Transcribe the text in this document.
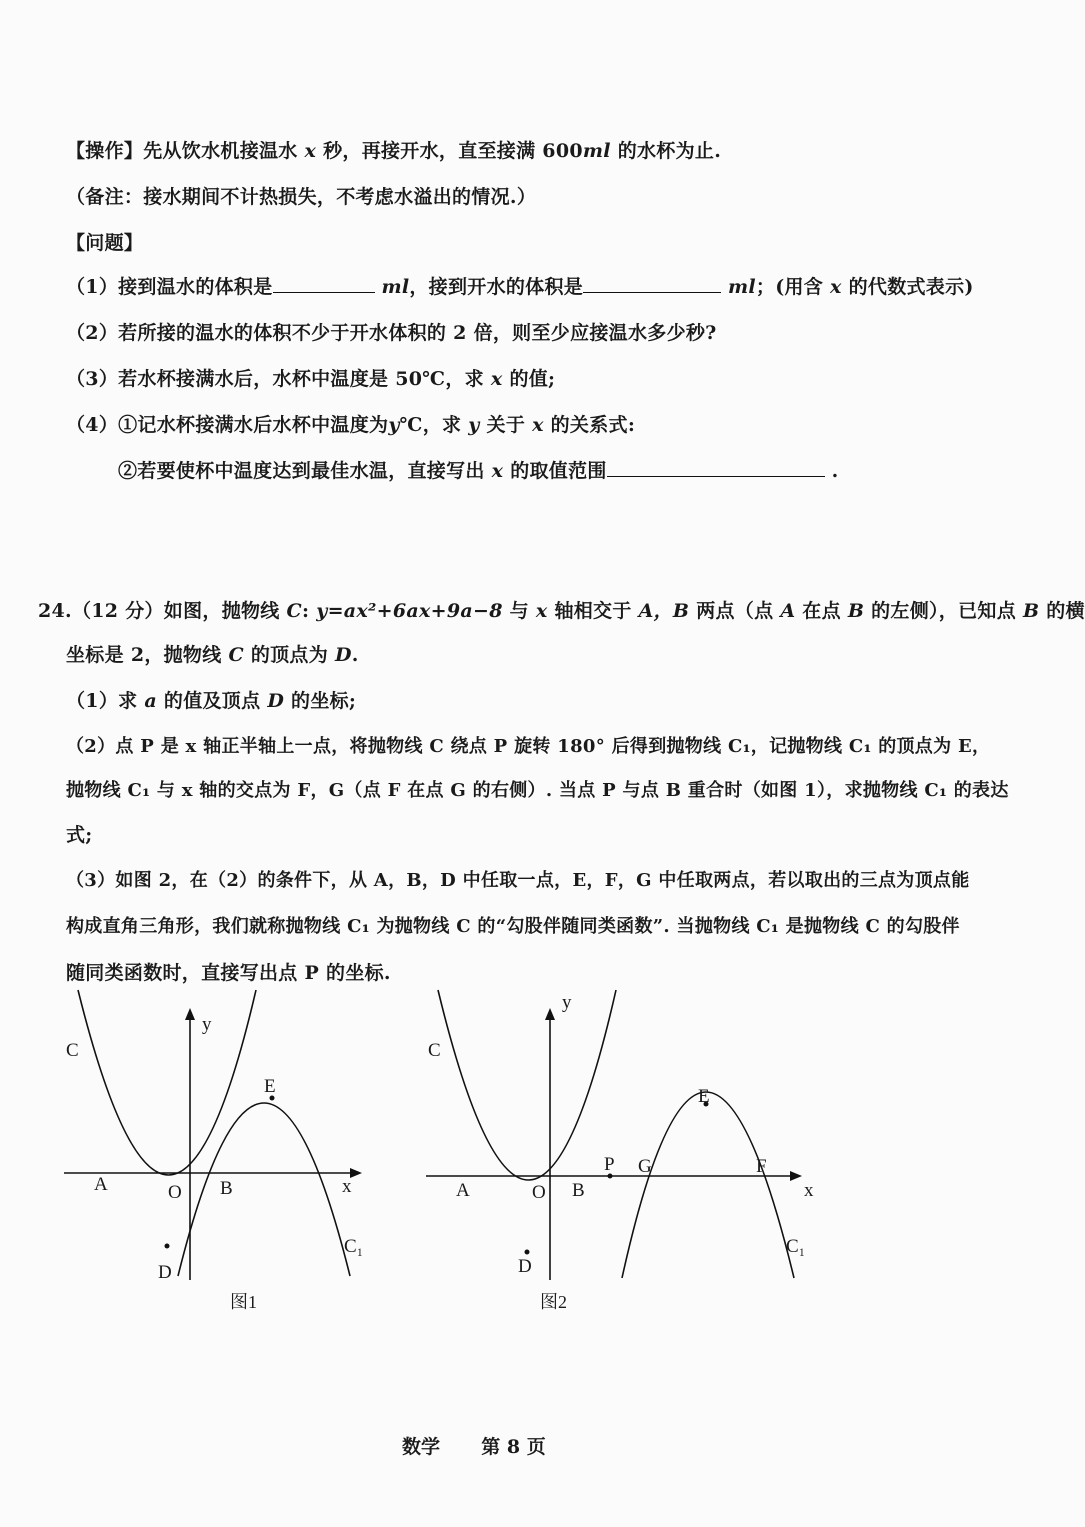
【操作】先从饮水机接温水 x 秒，再接开水，直至接满 600ml 的水杯为止.
（备注：接水期间不计热损失，不考虑水溢出的情况.）
【问题】
（1）接到温水的体积是	ml，接到开水的体积是	ml；(用含 x 的代数式表示)
（2）若所接的温水的体积不少于开水体积的 2 倍，则至少应接温水多少秒?
（3）若水杯接满水后，水杯中温度是 50℃，求 x 的值;
（4）①记水杯接满水后水杯中温度为y℃，求 y 关于 x 的关系式:
②若要使杯中温度达到最佳水温，直接写出 x 的取值范围	.
24.（12 分）如图，抛物线 C: y=ax²+6ax+9a−8 与 x 轴相交于 A，B 两点（点 A 在点 B 的左侧），已知点 B 的横
坐标是 2，抛物线 C 的顶点为 D.
（1）求 a 的值及顶点 D 的坐标;
（2）点 P 是 x 轴正半轴上一点，将抛物线 C 绕点 P 旋转 180° 后得到抛物线 C₁，记抛物线 C₁ 的顶点为 E，
抛物线 C₁ 与 x 轴的交点为 F，G（点 F 在点 G 的右侧）. 当点 P 与点 B 重合时（如图 1），求抛物线 C₁ 的表达
式;
（3）如图 2，在（2）的条件下，从 A，B，D 中任取一点，E，F，G 中任取两点，若以取出的三点为顶点能
构成直角三角形，我们就称抛物线 C₁ 为抛物线 C 的“勾股伴随同类函数”. 当抛物线 C₁ 是抛物线 C 的勾股伴
随同类函数时，直接写出点 P 的坐标.
C
y
x
O
A	B
D
E
C₁
图1
C
y
x
O
A	B
D
E
P G	F
C₁
图2
数学 第 8 页
